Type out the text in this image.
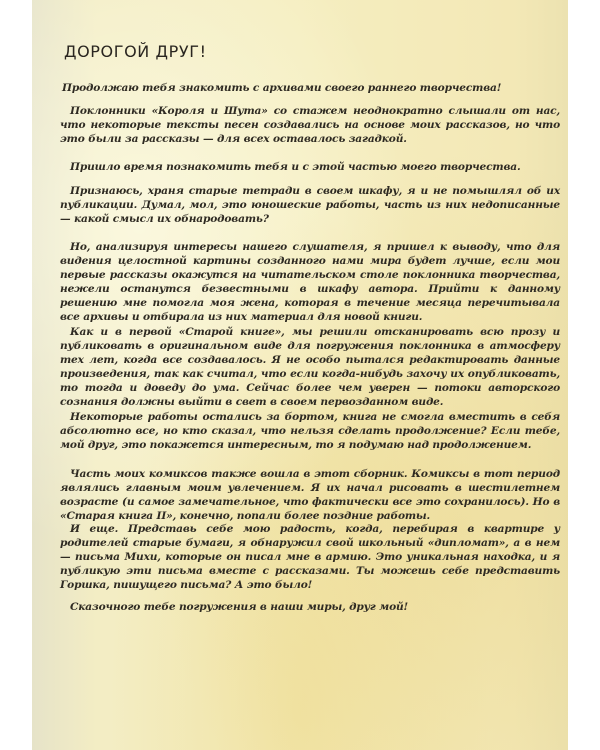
ДОРОГОЙ ДРУГ!

Продолжаю тебя знакомить с архивами своего раннего творчества!

Поклонники «Короля и Шута» со стажем неоднократно слышали от нас, что некоторые тексты песен создавались на основе моих рассказов, но что это были за рассказы — для всех оставалось загадкой.

Пришло время познакомить тебя и с этой частью моего творчества.

Признаюсь, храня старые тетради в своем шкафу, я и не помышлял об их публикации. Думал, мол, это юношеские работы, часть из них недописанные — какой смысл их обнародовать?

Но, анализируя интересы нашего слушателя, я пришел к выводу, что для видения целостной картины созданного нами мира будет лучше, если мои первые рассказы окажутся на читательском столе поклонника творчества, нежели останутся безвестными в шкафу автора. Прийти к данному решению мне помогла моя жена, которая в течение месяца перечитывала все архивы и отбирала из них материал для новой книги.

Как и в первой «Старой книге», мы решили отсканировать всю прозу и публиковать в оригинальном виде для погружения поклонника в атмосферу тех лет, когда все создавалось. Я не особо пытался редактировать данные произведения, так как считал, что если когда-нибудь захочу их опубликовать, то тогда и доведу до ума. Сейчас более чем уверен — потоки авторского сознания должны выйти в свет в своем первозданном виде.

Некоторые работы остались за бортом, книга не смогла вместить в себя абсолютно все, но кто сказал, что нельзя сделать продолжение? Если тебе, мой друг, это покажется интересным, то я подумаю над продолжением.

Часть моих комиксов также вошла в этот сборник. Комиксы в тот период являлись главным моим увлечением. Я их начал рисовать в шестилетнем возрасте (и самое замечательное, что фактически все это сохранилось). Но в «Старая книга II», конечно, попали более поздние работы.

И еще. Представь себе мою радость, когда, перебирая в квартире у родителей старые бумаги, я обнаружил свой школьный «дипломат», а в нем — письма Михи, которые он писал мне в армию. Это уникальная находка, и я публикую эти письма вместе с рассказами. Ты можешь себе представить Горшка, пишущего письма? А это было!

Сказочного тебе погружения в наши миры, друг мой!
